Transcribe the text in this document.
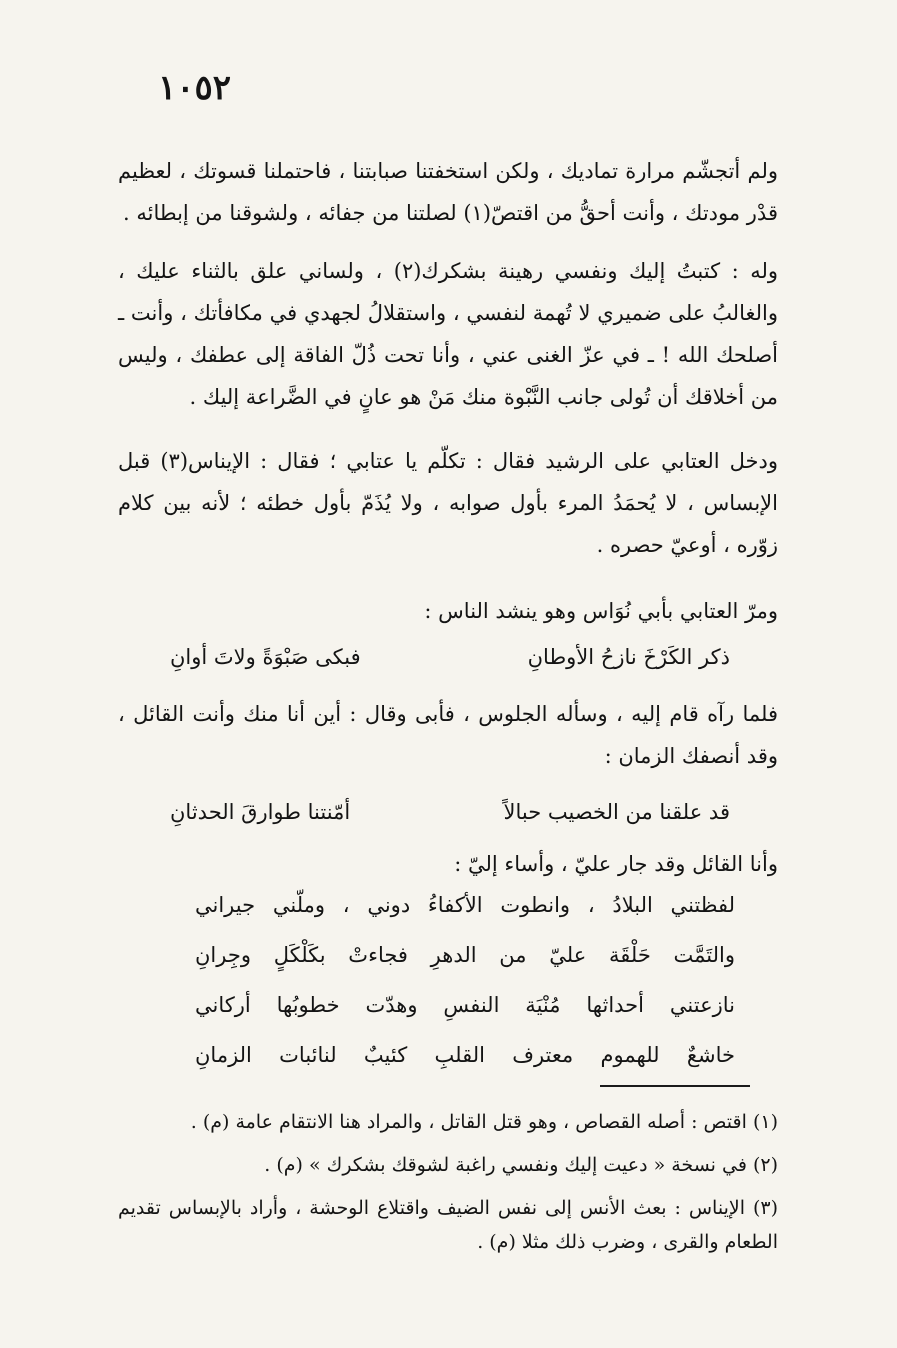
١٠٥٢
ولم أتجشّم مرارة تماديك ، ولكن استخفتنا صبابتنا ، فاحتملنا قسوتك ، لعظيم قدْر مودتك ، وأنت أحقُّ من اقتصّ(١) لصلتنا من جفائه ، ولشوقنا من إبطائه .
وله : كتبتُ إليك ونفسي رهينة بشكرك(٢) ، ولساني علق بالثناء عليك ، والغالبُ على ضميري لا تُهمة لنفسي ، واستقلالُ لجهدي في مكافأتك ، وأنت ـ أصلحك الله ! ـ في عزّ الغنى عني ، وأنا تحت ذُلّ الفاقة إلى عطفك ، وليس من أخلاقك أن تُولى جانب النَّبْوة منك مَنْ هو عانٍ في الضَّراعة إليك .
ودخل العتابي على الرشيد فقال : تكلّم يا عتابي ؛ فقال : الإيناس(٣) قبل الإبساس ، لا يُحمَدُ المرء بأول صوابه ، ولا يُذَمّ بأول خطئه ؛ لأنه بين كلام زوّره ، أوعيّ حصره .
ومرّ العتابي بأبي نُوَاس وهو ينشد الناس :
ذكر الكَرْخَ نازحُ الأوطانِ
فبكى صَبْوَةً ولاتَ أوانِ
فلما رآه قام إليه ، وسأله الجلوس ، فأبى وقال : أين أنا منك وأنت القائل ، وقد أنصفك الزمان :
قد علقنا من الخصيب حبالاً
أمّنتنا طوارقَ الحدثانِ
وأنا القائل وقد جار عليّ ، وأساء إليّ :
لفظتني البلادُ ، وانطوت الأكفاءُ دوني ، وملّني جيراني
والتَمَّت حَلْقَة عليّ من الدهرِ فجاءتْ بكَلْكَلٍ وجِرانِ
نازعتني أحداثها مُنْيَة النفسِ وهدّت خطوبُها أركاني
خاشعٌ للهموم معترف القلبِ كئيبٌ لنائبات الزمانِ
(١) اقتص : أصله القصاص ، وهو قتل القاتل ، والمراد هنا الانتقام عامة (م) .
(٢) في نسخة « دعيت إليك ونفسي راغبة لشوقك بشكرك » (م) .
(٣) الإيناس : بعث الأنس إلى نفس الضيف واقتلاع الوحشة ، وأراد بالإبساس تقديم الطعام والقرى ، وضرب ذلك مثلا (م) .
